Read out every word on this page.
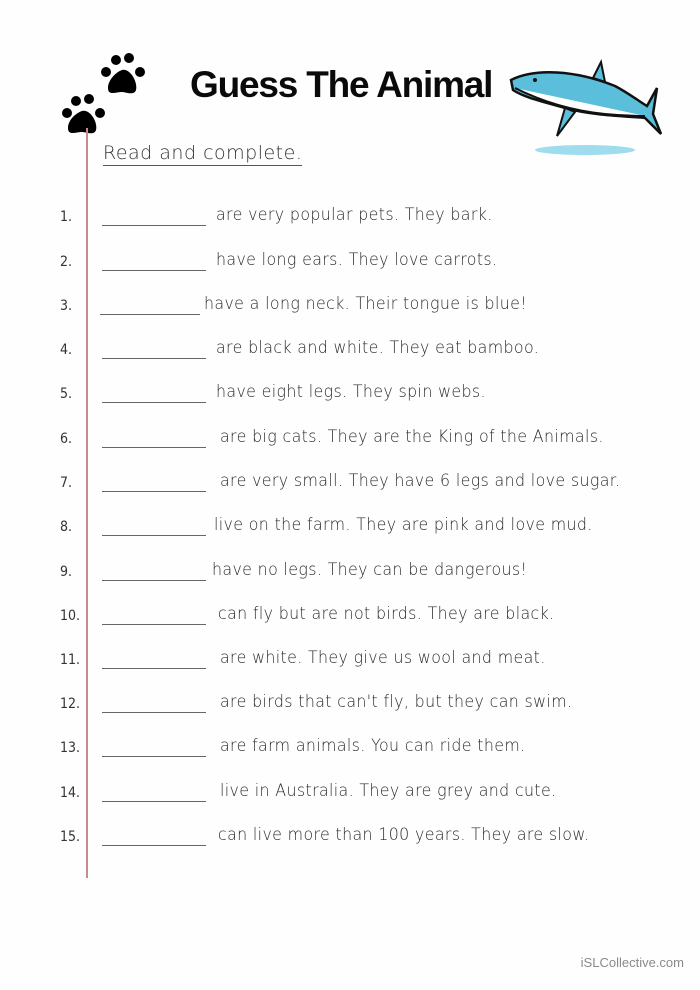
Guess The Animal
Read and complete.
1.	are very popular pets. They bark.
2.	have long ears. They love carrots.
3.	have a long neck. Their tongue is blue!
4.	are black and white. They eat bamboo.
5.	have eight legs. They spin webs.
6.	are big cats. They are the King of the Animals.
7.	are very small. They have 6 legs and love sugar.
8.	live on the farm. They are pink and love mud.
9.	have no legs. They can be dangerous!
10.	can fly but are not birds. They are black.
11.	are white. They give us wool and meat.
12.	are birds that can't fly, but they can swim.
13.	are farm animals. You can ride them.
14.	live in Australia. They are grey and cute.
15.	can live more than 100 years. They are slow.
iSLCollective.com
